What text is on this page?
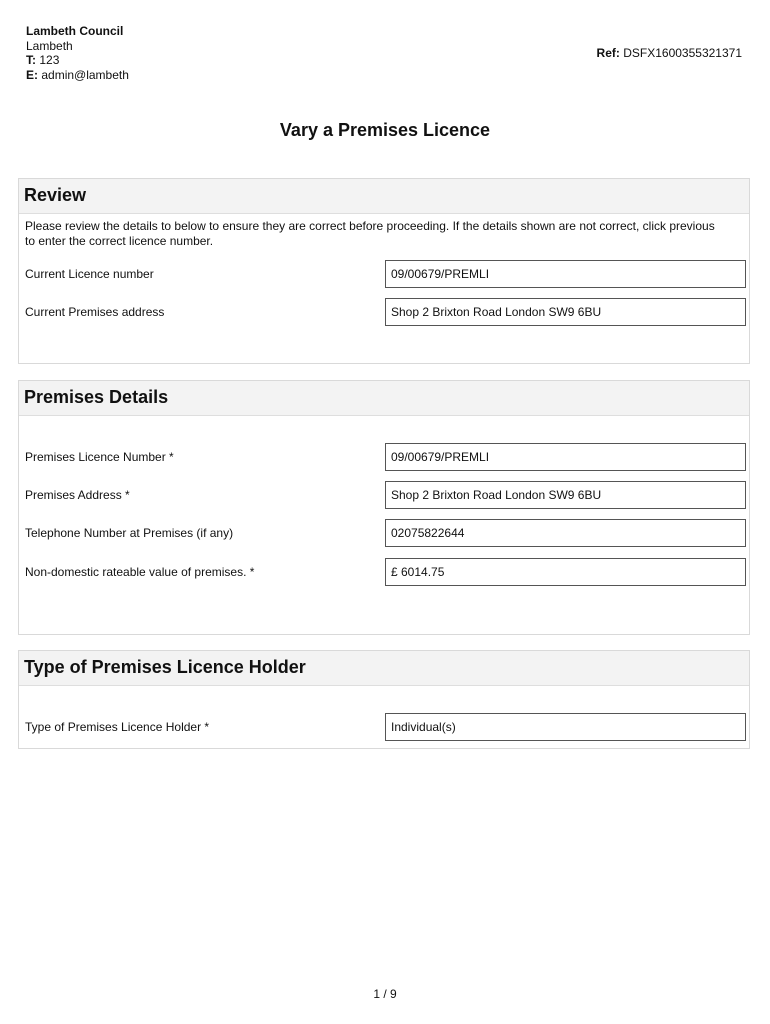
Lambeth Council
Lambeth
T: 123
E: admin@lambeth
Ref: DSFX1600355321371
Vary a Premises Licence
Review
Please review the details to below to ensure they are correct before proceeding. If the details shown are not correct, click previous to enter the correct licence number.
Current Licence number	09/00679/PREMLI
Current Premises address	Shop 2 Brixton Road London SW9 6BU
Premises Details
Premises Licence Number *	09/00679/PREMLI
Premises Address *	Shop 2 Brixton Road London SW9 6BU
Telephone Number at Premises (if any)	02075822644
Non-domestic rateable value of premises. *	£ 6014.75
Type of Premises Licence Holder
Type of Premises Licence Holder *	Individual(s)
1 / 9
